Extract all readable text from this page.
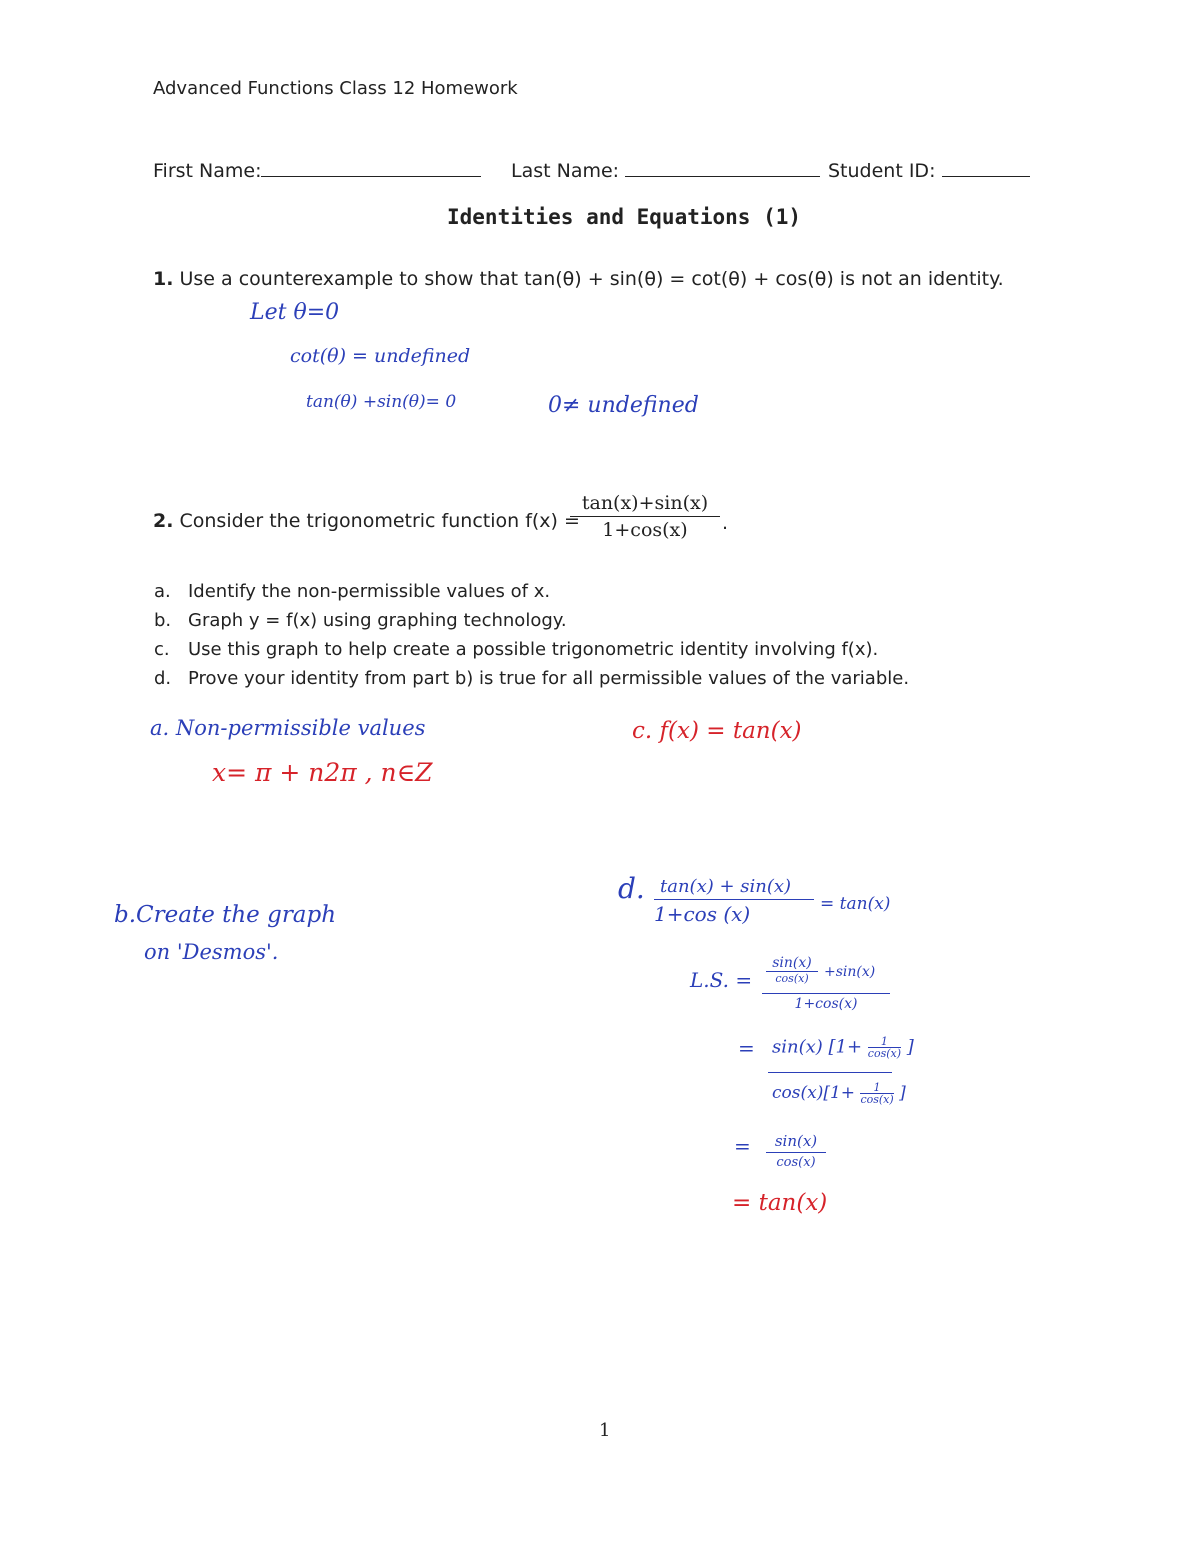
Advanced Functions Class 12 Homework
First Name:	Last Name:	Student ID:
Identities and Equations (1)
1. Use a counterexample to show that tan(θ) + sin(θ) = cot(θ) + cos(θ) is not an identity.
Let θ=0
cot(θ) = undefined
tan(θ) +sin(θ)= 0	0≠ undefined
2. Consider the trigonometric function f(x) =
tan(x)+sin(x)
1+cos(x)	.
a. Identify the non-permissible values of x.
b. Graph y = f(x) using graphing technology.
c. Use this graph to help create a possible trigonometric identity involving f(x).
d. Prove your identity from part b) is true for all permissible values of the variable.
a. Non-permissible values
x= π + n2π , n∈Z
c. f(x) = tan(x)
b.Create the graph
on 'Desmos'.
d. tan(x) + sin(x)
1+cos (x)	= tan(x)
L.S. =
sin(x)
cos(x)	+sin(x)
1+cos(x)
= sin(x) [$1+ \frac{1}{\cos(x)}$ ]
$\cos(x)[1+ \frac{1}{\cos(x)}$ ]
=	sin(x)
cos(x)
= tan(x)
1
